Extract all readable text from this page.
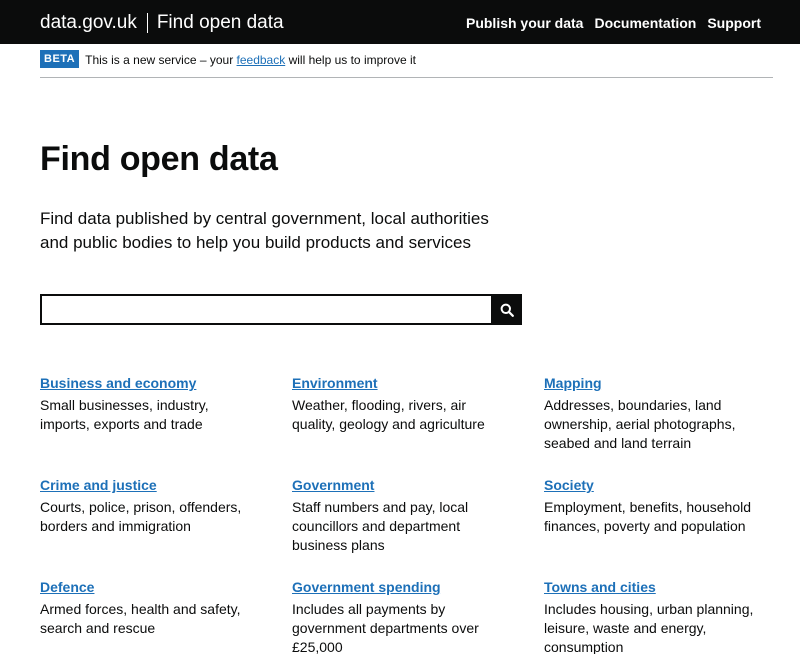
data.gov.uk Find open data	Publish your data Documentation Support
BETA This is a new service – your feedback will help us to improve it
Find open data

Find data published by central government, local authorities and public bodies to help you build products and services

Business and economy

Small businesses, industry, imports, exports and trade

Environment

Weather, flooding, rivers, air quality, geology and agriculture

Mapping

Addresses, boundaries, land ownership, aerial photographs, seabed and land terrain

Crime and justice

Courts, police, prison, offenders, borders and immigration

Government

Staff numbers and pay, local councillors and department business plans

Society

Employment, benefits, household finances, poverty and population

Defence

Armed forces, health and safety, search and rescue

Government spending

Includes all payments by government departments over £25,000

Towns and cities

Includes housing, urban planning, leisure, waste and energy, consumption
